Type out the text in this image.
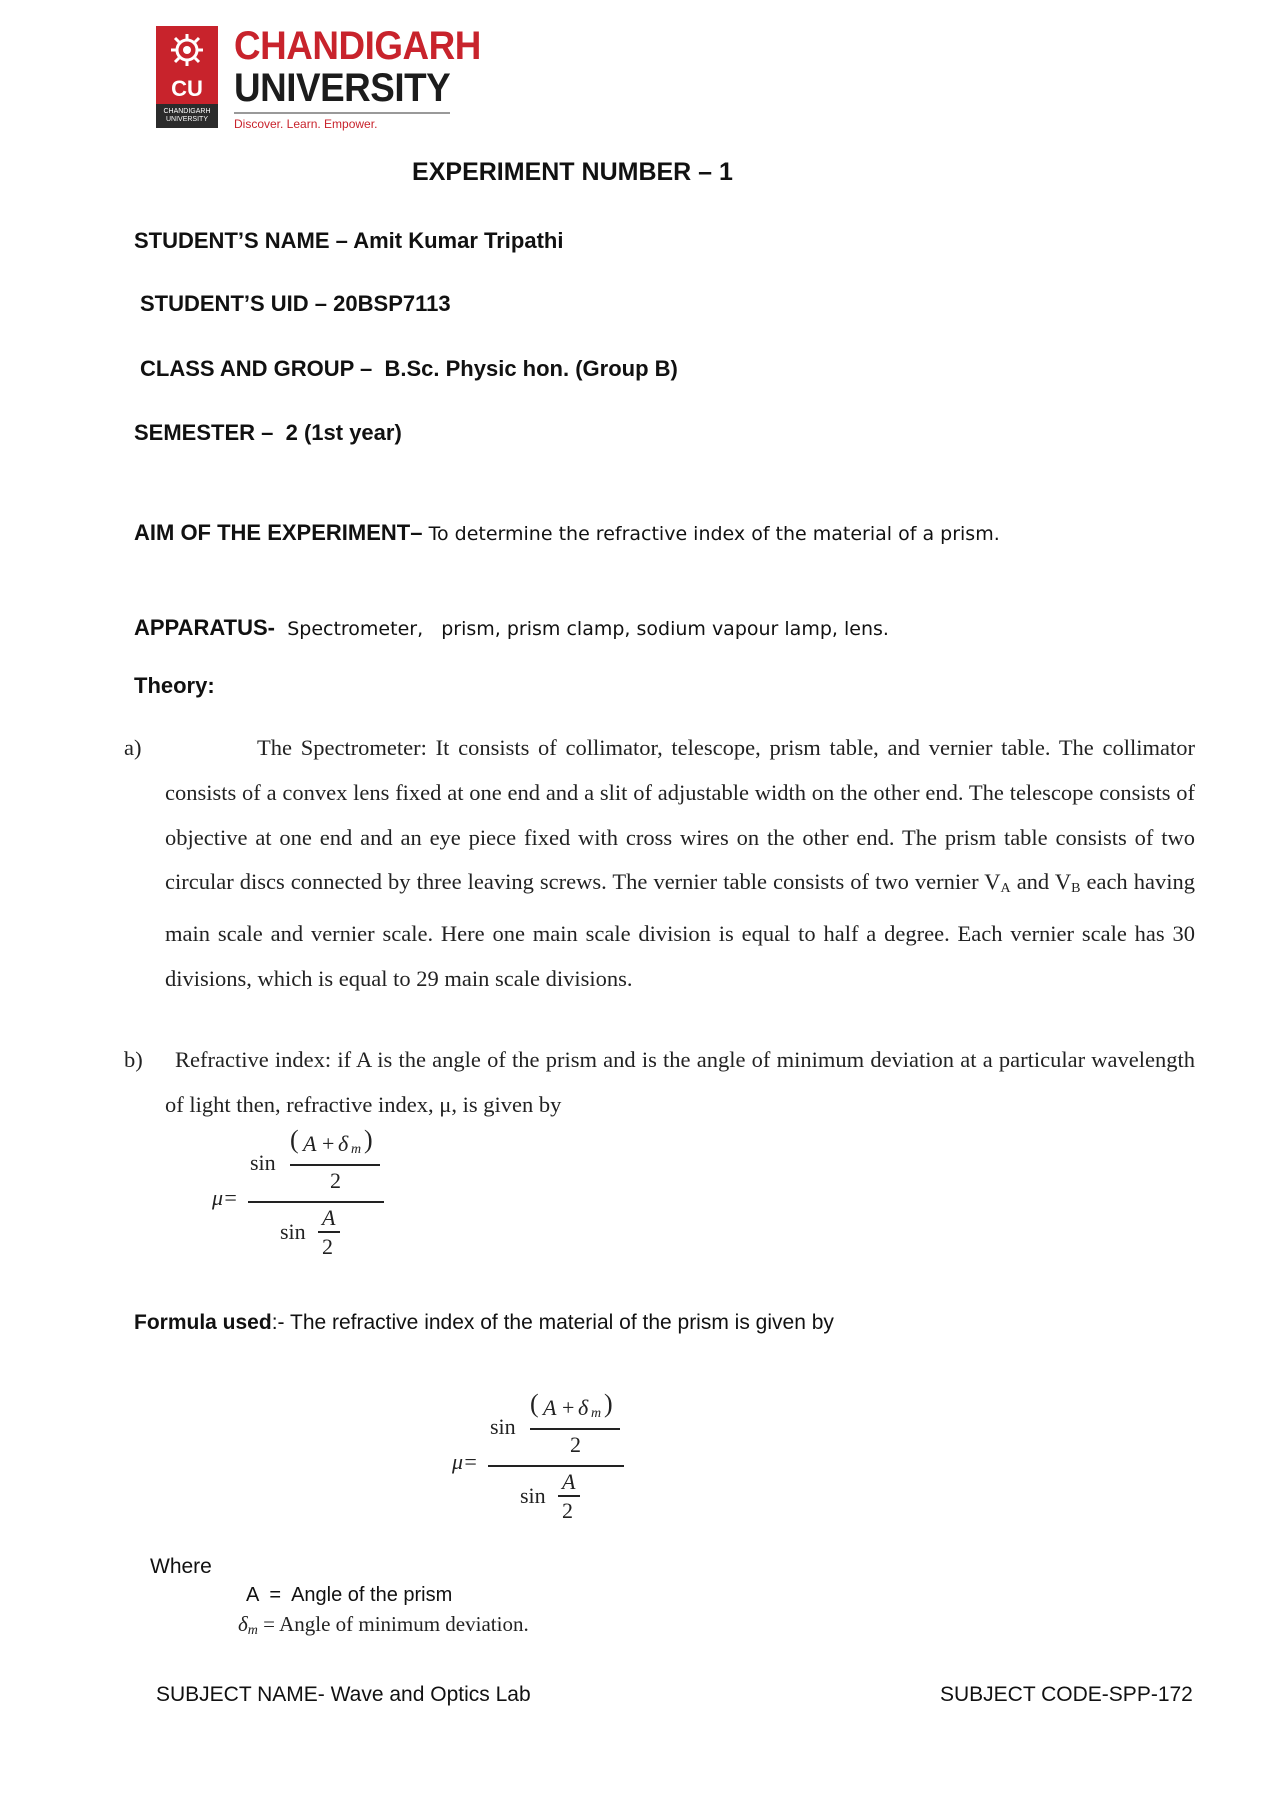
CU
CHANDIGARH UNIVERSITY
CHANDIGARH
UNIVERSITY
Discover. Learn. Empower.
EXPERIMENT NUMBER – 1
STUDENT’S NAME – Amit Kumar Tripathi
STUDENT’S UID – 20BSP7113
CLASS AND GROUP – B.Sc. Physic hon. (Group B)
SEMESTER – 2 (1st year)
AIM OF THE EXPERIMENT– To determine the refractive index of the material of a prism.
APPARATUS- Spectrometer,   prism, prism clamp, sodium vapour lamp, lens.
Theory:
a)	The Spectrometer: It consists of collimator, telescope, prism table, and vernier table. The collimator consists of a convex lens fixed at one end and a slit of adjustable width on the other end. The telescope consists of objective at one end and an eye piece fixed with cross wires on the other end. The prism table consists of two circular discs connected by three leaving screws. The vernier table consists of two vernier $V_A$ and $V_B$ each having main scale and vernier scale. Here one main scale division is equal to half a degree. Each vernier scale has 30 divisions, which is equal to 29 main scale divisions.
b)	Refractive index: if A is the angle of the prism and is the angle of minimum deviation at a particular wavelength of light then, refractive index, μ, is given by
μ=
sin
( A + δ m )
2
sin
A
2
Formula used:- The refractive index of the material of the prism is given by
μ=
sin
( A + δ m )
2
sin
A
2
Where
A = Angle of the prism
$\delta_m$ = Angle of minimum deviation.
SUBJECT NAME- Wave and Optics Lab	SUBJECT CODE-SPP-172
